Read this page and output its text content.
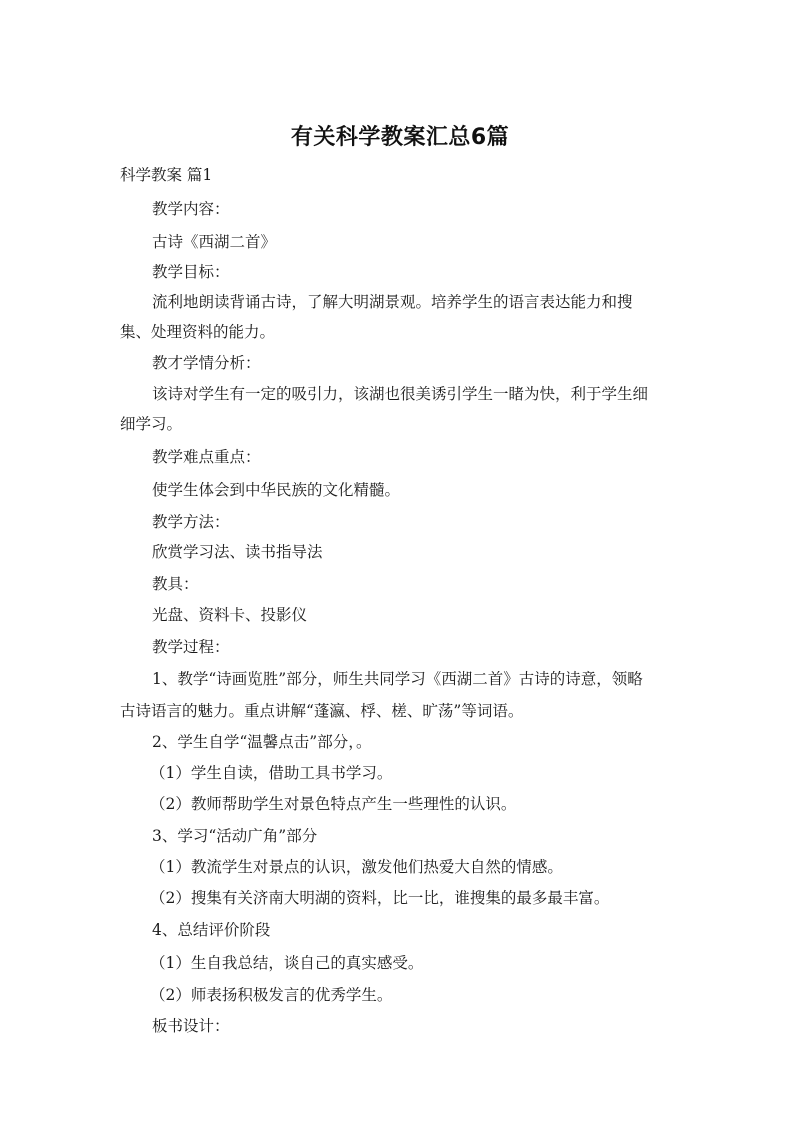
有关科学教案汇总6篇
科学教案 篇1
教学内容：
古诗《西湖二首》
教学目标：
流利地朗读背诵古诗，了解大明湖景观。培养学生的语言表达能力和搜
集、处理资料的能力。
教才学情分析：
该诗对学生有一定的吸引力，该湖也很美诱引学生一睹为快，利于学生细
细学习。
教学难点重点：
使学生体会到中华民族的文化精髓。
教学方法：
欣赏学习法、读书指导法
教具：
光盘、资料卡、投影仪
教学过程：
1、教学“诗画览胜”部分，师生共同学习《西湖二首》古诗的诗意，领略
古诗语言的魅力。重点讲解“蓬瀛、桴、槎、旷荡”等词语。
2、学生自学“温馨点击”部分，。
（1）学生自读，借助工具书学习。
（2）教师帮助学生对景色特点产生一些理性的认识。
3、学习“活动广角”部分
（1）教流学生对景点的认识，激发他们热爱大自然的情感。
（2）搜集有关济南大明湖的资料，比一比，谁搜集的最多最丰富。
4、总结评价阶段
（1）生自我总结，谈自己的真实感受。
（2）师表扬积极发言的优秀学生。
板书设计：
